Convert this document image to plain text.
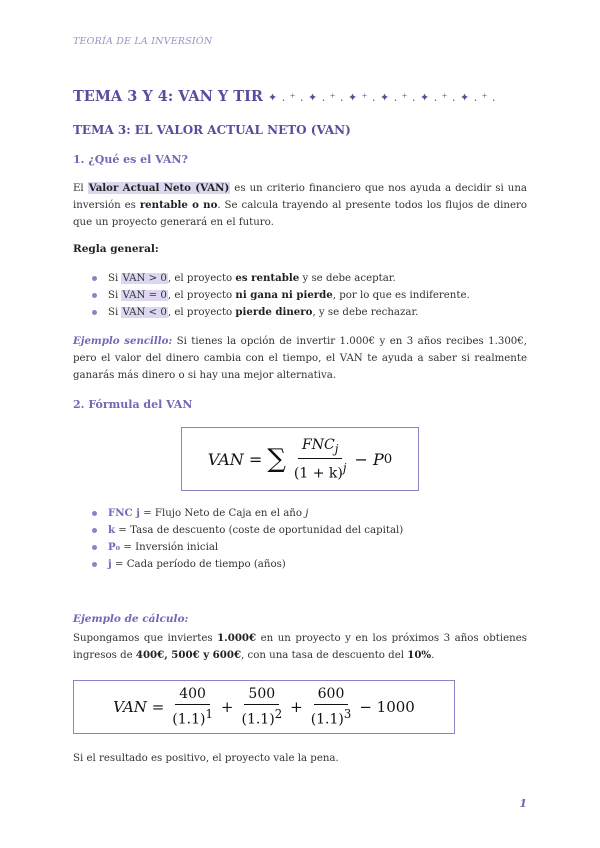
TEORÍA DE LA INVERSIÓN
TEMA 3 Y 4: VAN Y TIR ✦ . ⁺ . ✦ . ⁺ . ✦ ⁺ . ✦ . ⁺ . ✦ . ⁺ . ✦ . ⁺ .
TEMA 3: EL VALOR ACTUAL NETO (VAN)
1. ¿Qué es el VAN?
El Valor Actual Neto (VAN) es un criterio financiero que nos ayuda a decidir si una inversión es rentable o no. Se calcula trayendo al presente todos los flujos de dinero que un proyecto generará en el futuro.
Regla general:
Si VAN > 0, el proyecto es rentable y se debe aceptar.
Si VAN = 0, el proyecto ni gana ni pierde, por lo que es indiferente.
Si VAN < 0, el proyecto pierde dinero, y se debe rechazar.
Ejemplo sencillo: Si tienes la opción de invertir 1.000€ y en 3 años recibes 1.300€, pero el valor del dinero cambia con el tiempo, el VAN te ayuda a saber si realmente ganarás más dinero o si hay una mejor alternativa.
2. Fórmula del VAN
VAN
=
∑ $\frac{FNC_j}{(1 + k)^j}$ −
P 0
FNC j = Flujo Neto de Caja en el año j
k = Tasa de descuento (coste de oportunidad del capital)
P₀ = Inversión inicial
j = Cada período de tiempo (años)
Ejemplo de cálculo:
Supongamos que inviertes 1.000€ en un proyecto y en los próximos 3 años obtienes ingresos de 400€, 500€ y 600€, con una tasa de descuento del 10%.
VAN
= $\frac{400}{(1.1)^1} + \frac{500}{(1.1)^2} + \frac{600}{(1.1)^3}$ −
1000
Si el resultado es positivo, el proyecto vale la pena.
1
